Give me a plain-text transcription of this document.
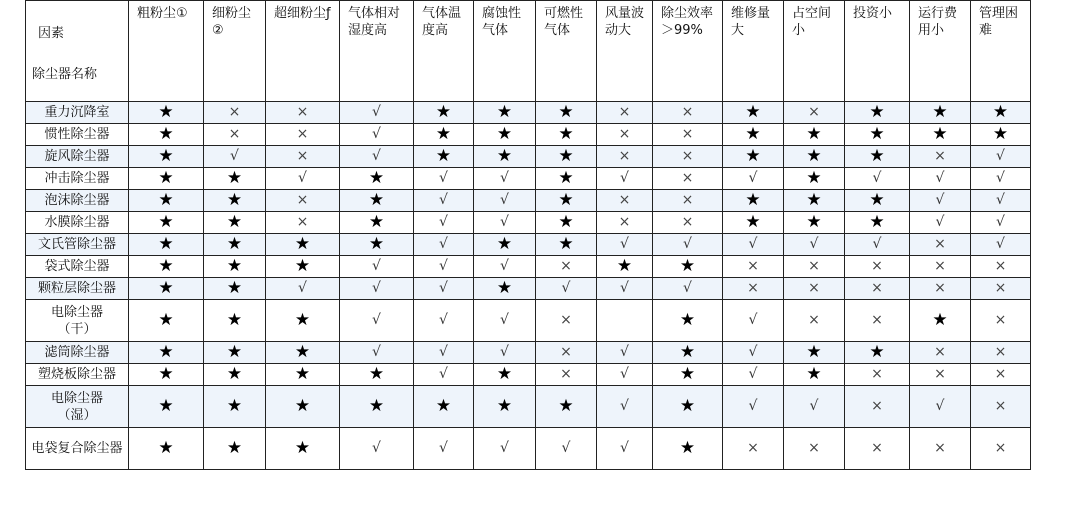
因素
除尘器名称	粗粉尘①	细粉尘②	超细粉尘ƒ	气体相对湿度高	气体温度高	腐蚀性气体	可燃性气体	风量波动大	除尘效率＞99%	维修量大	占空间小	投资小	运行费用小	管理困难
重力沉降室	★	×	×	√	★	★	★	×	×	★	×	★	★	★
惯性除尘器	★	×	×	√	★	★	★	×	×	★	★	★	★	★
旋风除尘器	★	√	×	√	★	★	★	×	×	★	★	★	×	√
冲击除尘器	★	★	√	★	√	√	★	√	×	√	★	√	√	√
泡沫除尘器	★	★	×	★	√	√	★	×	×	★	★	★	√	√
水膜除尘器	★	★	×	★	√	√	★	×	×	★	★	★	√	√
文氏管除尘器	★	★	★	★	√	★	★	√	√	√	√	√	×	√
袋式除尘器	★	★	★	√	√	√	×	★	★	×	×	×	×	×
颗粒层除尘器	★	★	√	√	√	★	√	√	√	×	×	×	×	×
电除尘器
（干）	★	★	★	√	√	√	×		★	√	×	×	★	×
滤筒除尘器	★	★	★	√	√	√	×	√	★	√	★	★	×	×
塑烧板除尘器	★	★	★	★	√	★	×	√	★	√	★	×	×	×
电除尘器
（湿）	★	★	★	★	★	★	★	√	★	√	√	×	√	×
电袋复合除尘器	★	★	★	√	√	√	√	√	★	×	×	×	×	×
